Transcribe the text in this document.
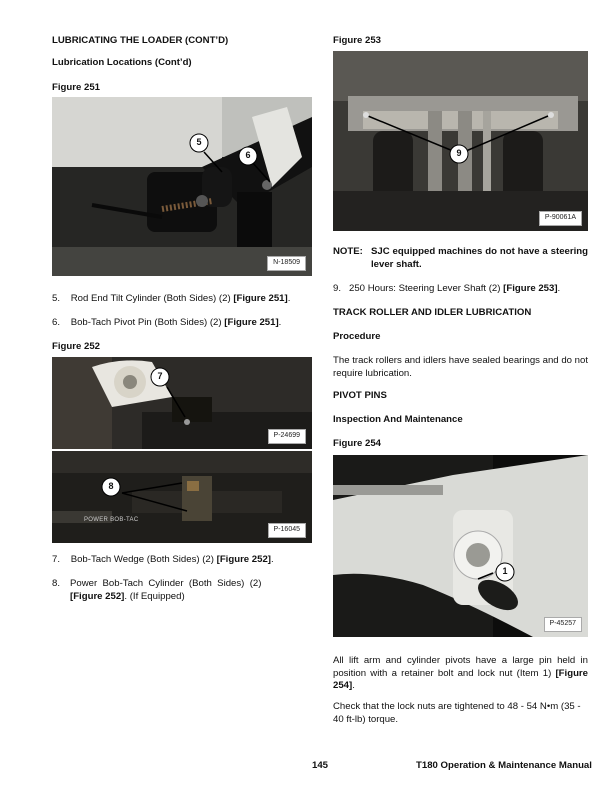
LUBRICATING THE LOADER (CONT’D)
Lubrication Locations (Cont’d)
Figure 251
5
6
N-18509
5. Rod End Tilt Cylinder (Both Sides) (2) [Figure 251].
6. Bob-Tach Pivot Pin (Both Sides) (2) [Figure 251].
Figure 252
7
P-24699
8
POWER BOB-TAC
P-16045
7. Bob-Tach Wedge (Both Sides) (2) [Figure 252].
8.	Power  Bob-Tach  Cylinder  (Both  Sides)  (2)
[Figure 252]. (If Equipped)
Figure 253
9
P-90061A
NOTE: SJC equipped machines do not have a steering lever shaft.
9. 250 Hours: Steering Lever Shaft (2) [Figure 253].
TRACK ROLLER AND IDLER LUBRICATION
Procedure
The track rollers and idlers have sealed bearings and do not require lubrication.
PIVOT PINS
Inspection And Maintenance
Figure 254
1
P-45257
All lift arm and cylinder pivots have a large pin held in position with a retainer bolt and lock nut (Item 1) [Figure 254].
Check that the lock nuts are tightened to 48 - 54 N•m (35 - 40 ft-lb) torque.
145	T180 Operation & Maintenance Manual
